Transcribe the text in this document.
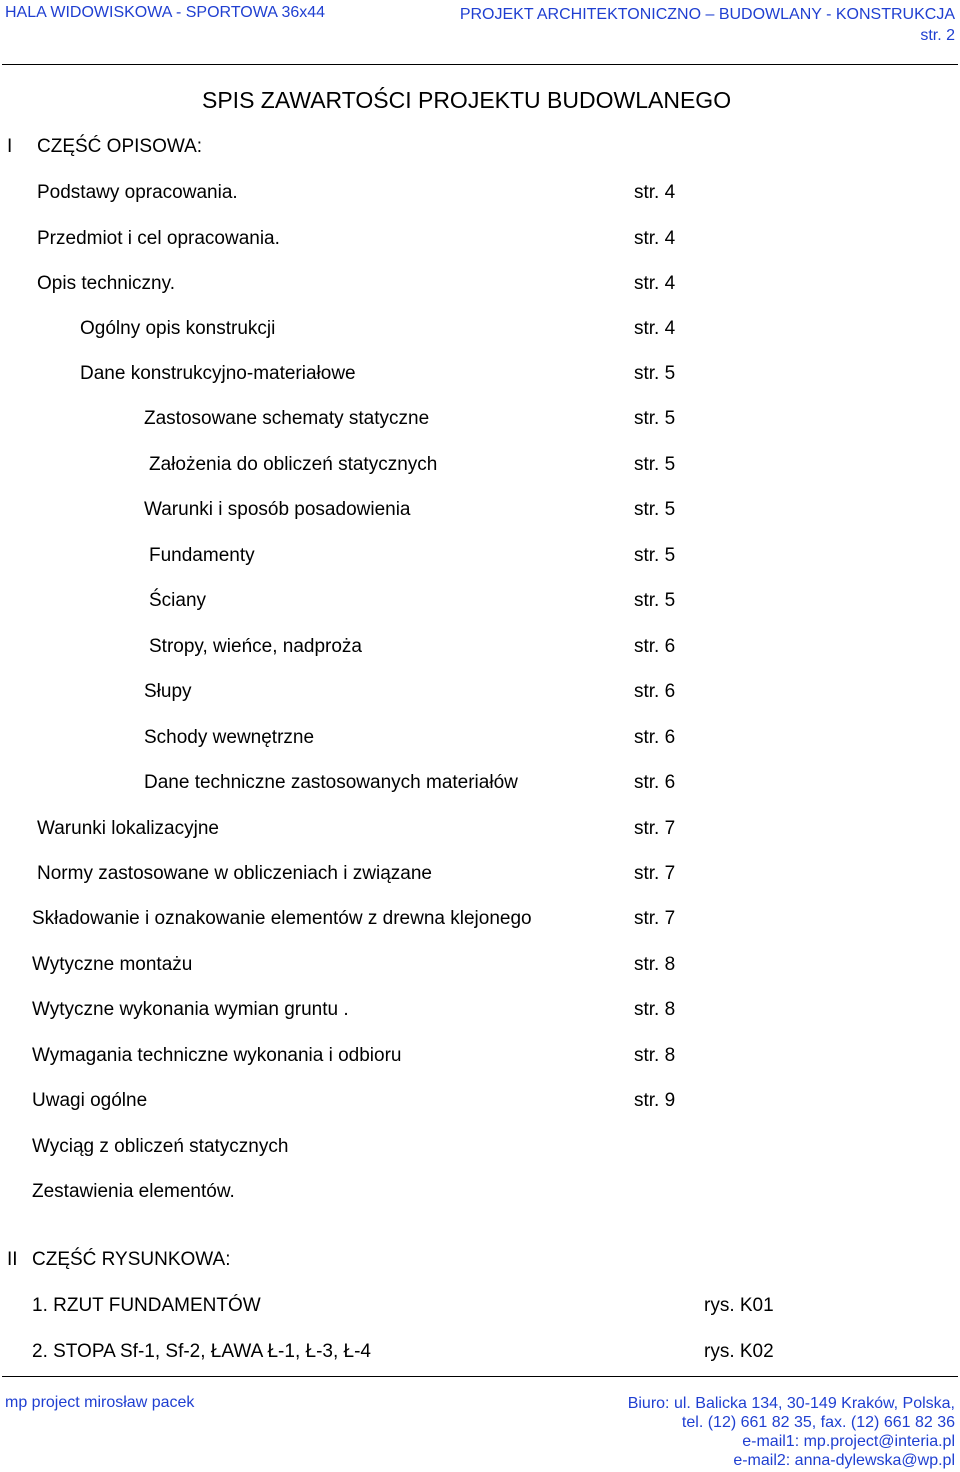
HALA WIDOWISKOWA - SPORTOWA 36x44	PROJEKT ARCHITEKTONICZNO – BUDOWLANY - KONSTRUKCJA
str. 2
SPIS ZAWARTOŚCI PROJEKTU BUDOWLANEGO
I CZĘŚĆ OPISOWA:
Podstawy opracowania.	str. 4
Przedmiot i cel opracowania.	str. 4
Opis techniczny.	str. 4
Ogólny opis konstrukcji	str. 4
Dane konstrukcyjno-materiałowe	str. 5
Zastosowane schematy statyczne	str. 5
Założenia do obliczeń statycznych	str. 5
Warunki i sposób posadowienia	str. 5
Fundamenty	str. 5
Ściany	str. 5
Stropy, wieńce, nadproża	str. 6
Słupy	str. 6
Schody wewnętrzne	str. 6
Dane techniczne zastosowanych materiałów	str. 6
Warunki lokalizacyjne	str. 7
Normy zastosowane w obliczeniach i związane	str. 7
Składowanie i oznakowanie elementów z drewna klejonego	str. 7
Wytyczne montażu	str. 8
Wytyczne wykonania wymian gruntu .	str. 8
Wymagania techniczne wykonania i odbioru	str. 8
Uwagi ogólne	str. 9
Wyciąg z obliczeń statycznych
Zestawienia elementów.
II CZĘŚĆ RYSUNKOWA:
1. RZUT FUNDAMENTÓW	rys. K01
2. STOPA Sf-1, Sf-2, ŁAWA Ł-1, Ł-3, Ł-4	rys. K02
mp project mirosław pacek	Biuro: ul. Balicka 134, 30-149 Kraków, Polska,
tel. (12) 661 82 35, fax. (12) 661 82 36
e-mail1: mp.project@interia.pl
e-mail2: anna-dylewska@wp.pl
